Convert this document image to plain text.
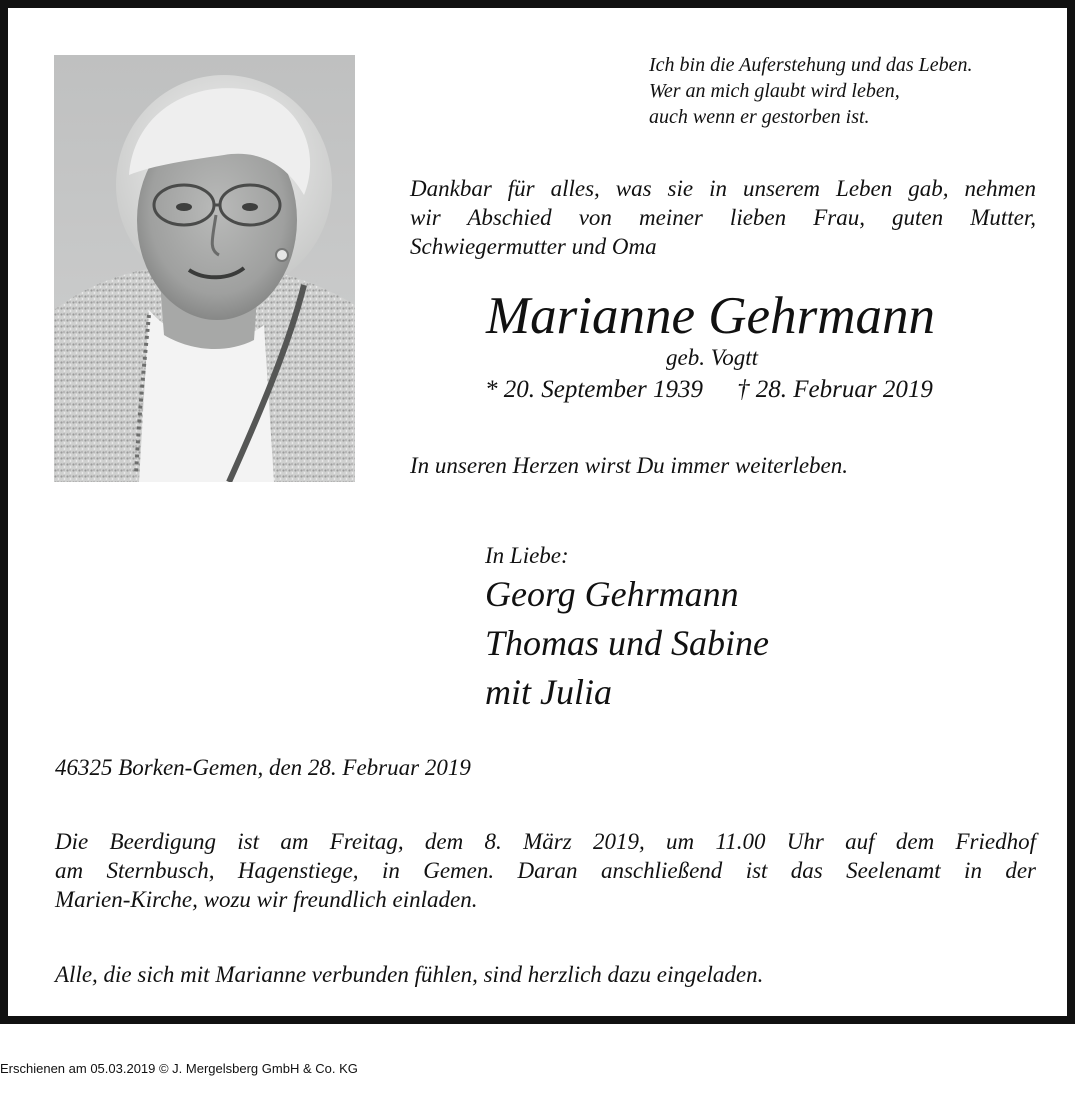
Ich bin die Auferstehung und das Leben.
Wer an mich glaubt wird leben,
auch wenn er gestorben ist.
Dankbar für alles, was sie in unserem Leben gab, nehmen
wir Abschied von meiner lieben Frau, guten Mutter,
Schwiegermutter und Oma
Marianne Gehrmann
geb. Vogtt
* 20. September 1939 † 28. Februar 2019
In unseren Herzen wirst Du immer weiterleben.
In Liebe:
Georg Gehrmann
Thomas und Sabine
mit Julia
46325 Borken-Gemen, den 28. Februar 2019
Die Beerdigung ist am Freitag, dem 8. März 2019, um 11.00 Uhr auf dem Friedhof
am Sternbusch, Hagenstiege, in Gemen. Daran anschließend ist das Seelenamt in der
Marien-Kirche, wozu wir freundlich einladen.
Alle, die sich mit Marianne verbunden fühlen, sind herzlich dazu eingeladen.
Erschienen am 05.03.2019 © J. Mergelsberg GmbH & Co. KG
